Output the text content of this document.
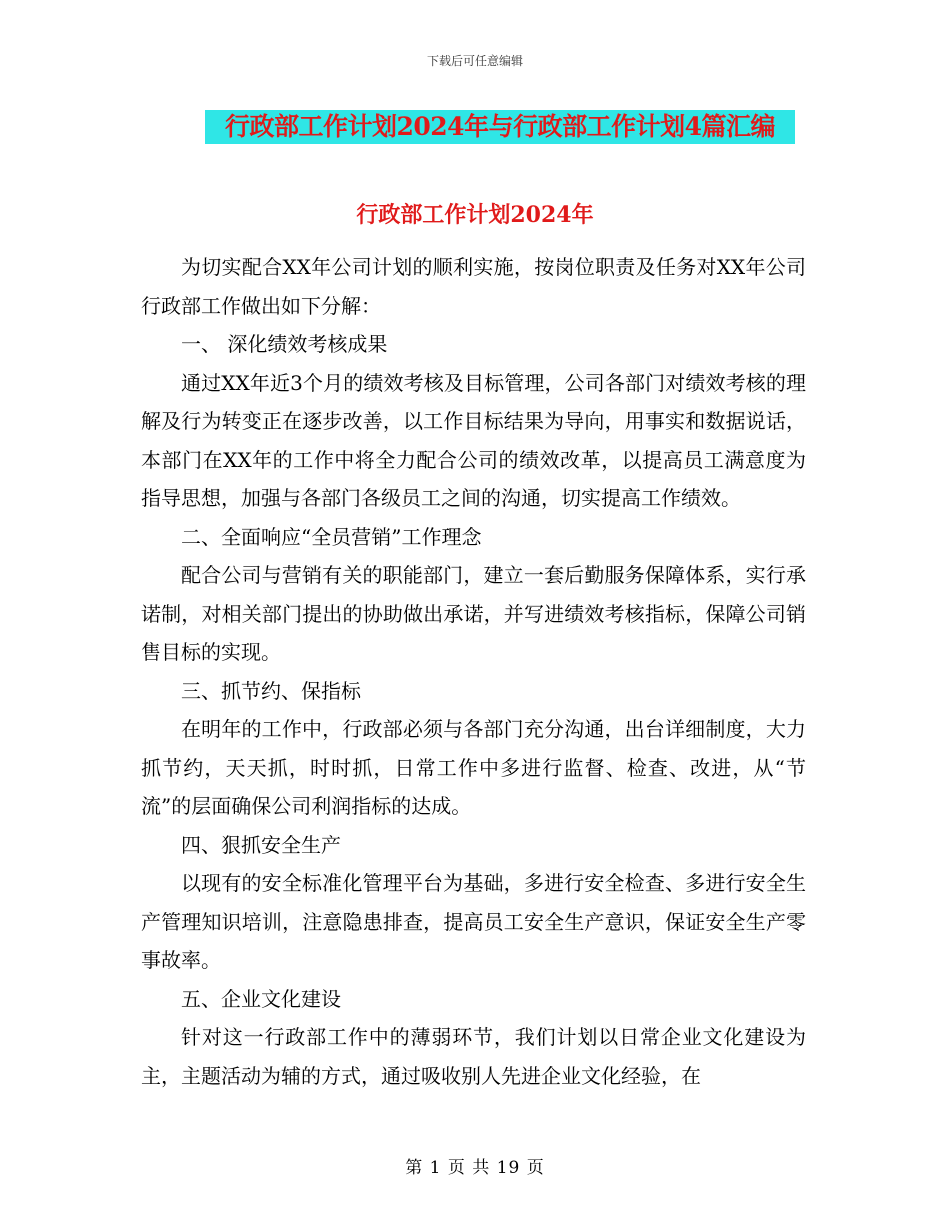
下载后可任意编辑
行政部工作计划2024年与行政部工作计划4篇汇编
行政部工作计划2024年

为切实配合XX年公司计划的顺利实施，按岗位职责及任务对XX年公司行政部工作做出如下分解：

一、 深化绩效考核成果

通过XX年近3个月的绩效考核及目标管理，公司各部门对绩效考核的理解及行为转变正在逐步改善，以工作目标结果为导向，用事实和数据说话，本部门在XX年的工作中将全力配合公司的绩效改革，以提高员工满意度为指导思想，加强与各部门各级员工之间的沟通，切实提高工作绩效。

二、全面响应“全员营销”工作理念

配合公司与营销有关的职能部门，建立一套后勤服务保障体系，实行承诺制，对相关部门提出的协助做出承诺，并写进绩效考核指标，保障公司销售目标的实现。

三、抓节约、保指标

在明年的工作中，行政部必须与各部门充分沟通，出台详细制度，大力抓节约，天天抓，时时抓，日常工作中多进行监督、检查、改进，从“节流”的层面确保公司利润指标的达成。

四、狠抓安全生产

以现有的安全标准化管理平台为基础，多进行安全检查、多进行安全生产管理知识培训，注意隐患排查，提高员工安全生产意识，保证安全生产零事故率。

五、企业文化建设

针对这一行政部工作中的薄弱环节，我们计划以日常企业文化建设为主，主题活动为辅的方式，通过吸收别人先进企业文化经验，在

第 1 页 共 19 页
